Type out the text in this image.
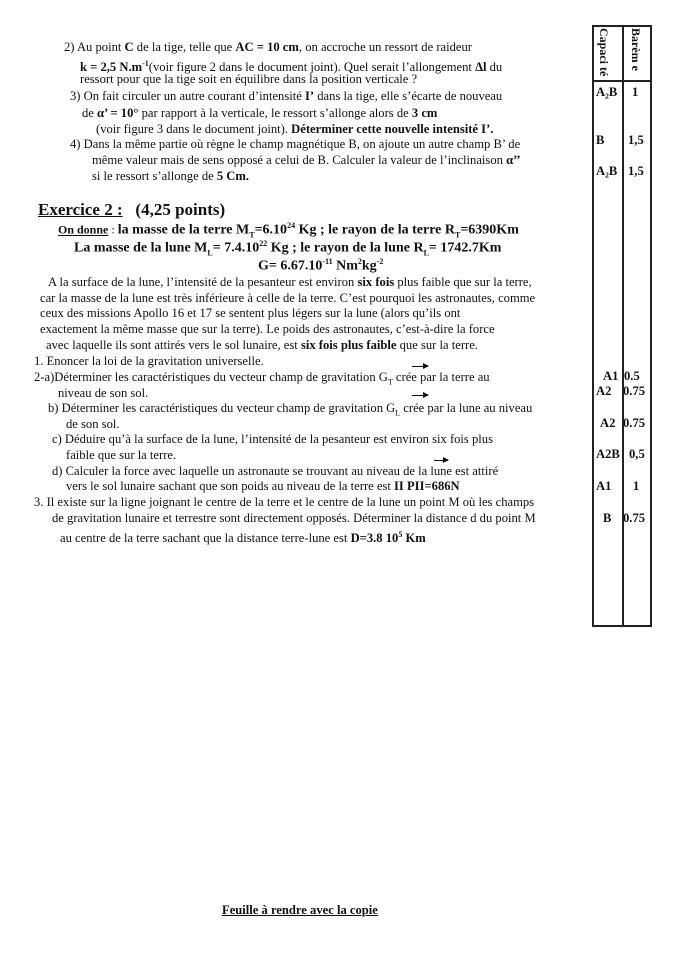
Capaci té Barèm e
A₂B 1
B 1,5
A₂B 1,5
A1 0.5
A2 0.75
A2 0.75
A2B 0,5
A1 1
B 0.75
2) Au point C de la tige, telle que AC = 10 cm, on accroche un ressort de raideur
k = 2,5 $N.m^{-1}(voir$ figure 2 dans le document joint). Quel serait l’allongement Δl du
ressort pour que la tige soit en équilibre dans la position verticale ?
3) On fait circuler un autre courant d’intensité I’ dans la tige, elle s’écarte de nouveau
de α’ = 10° par rapport à la verticale, le ressort s’allonge alors de 3 cm
(voir figure 3 dans le document joint). Déterminer cette nouvelle intensité I’.
4) Dans la même partie où règne le champ magnétique B, on ajoute un autre champ B’ de
même valeur mais de sens opposé a celui de B. Calculer la valeur de l’inclinaison α’’
si le ressort s’allonge de 5 Cm.
Exercice 2 : (4,25 points)
On donne : la masse de la terre $M_T=6.10^{24}$ Kg ; le rayon de la terre $R_T=6390Km$
La masse de la lune $M_L= 7.4.10^{22}$ Kg ; le rayon de la lune $R_L= 1742.7Km$
$G= 6.67.10^{-11}$ $Nm^2kg^{-2}$
A la surface de la lune, l’intensité de la pesanteur est environ six fois plus faible que sur la terre,
car la masse de la lune est très inférieure à celle de la terre. C’est pourquoi les astronautes, comme
ceux des missions Apollo 16 et 17 se sentent plus légers sur la lune (alors qu’ils ont
exactement la même masse que sur la terre). Le poids des astronautes, c’est-à-dire la force
avec laquelle ils sont attirés vers le sol lunaire, est six fois plus faible que sur la terre.
1. Enoncer la loi de la gravitation universelle.
2-a)Déterminer les caractéristiques du vecteur champ de gravitation $G_T$ crée par la terre au
niveau de son sol.
b) Déterminer les caractéristiques du vecteur champ de gravitation $G_L$ crée par la lune au niveau
de son sol.
c) Déduire qu’à la surface de la lune, l’intensité de la pesanteur est environ six fois plus
faible que sur la terre.
d) Calculer la force avec laquelle un astronaute se trouvant au niveau de la lune est attiré
vers le sol lunaire sachant que son poids au niveau de la terre est II PII=686N
3. Il existe sur la ligne joignant le centre de la terre et le centre de la lune un point M où les champs
de gravitation lunaire et terrestre sont directement opposés. Déterminer la distance d du point M
au centre de la terre sachant que la distance terre-lune est D=3.8 $10^5$ Km
Feuille à rendre avec la copie
